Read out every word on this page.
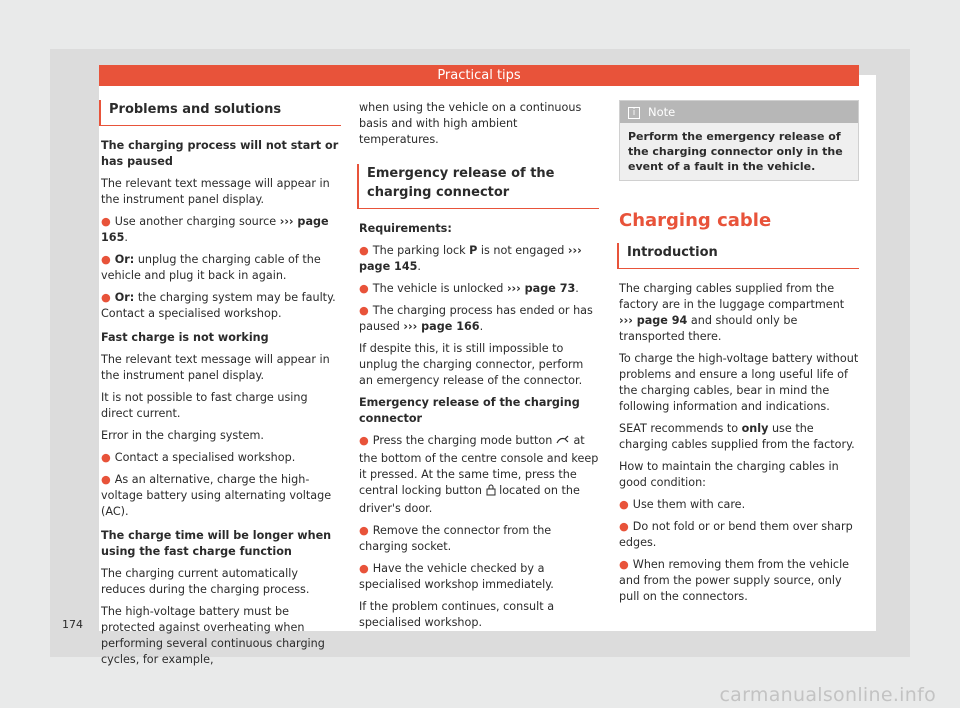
Practical tips
Problems and solutions

The charging process will not start or has paused

The relevant text message will appear in the instrument panel display.

● Use another charging source ››› page 165.
● Or: unplug the charging cable of the vehicle and plug it back in again.
● Or: the charging system may be faulty. Contact a specialised workshop.

Fast charge is not working

The relevant text message will appear in the instrument panel display.

It is not possible to fast charge using direct current.

Error in the charging system.

● Contact a specialised workshop.
● As an alternative, charge the high-voltage battery using alternating voltage (AC).

The charge time will be longer when using the fast charge function

The charging current automatically reduces during the charging process.

The high-voltage battery must be protected against overheating when performing several continuous charging cycles, for example,

when using the vehicle on a continuous basis and with high ambient temperatures.

Emergency release of the charging connector

Requirements:

● The parking lock P is not engaged ››› page 145.
● The vehicle is unlocked ››› page 73.
● The charging process has ended or has paused ››› page 166.

If despite this, it is still impossible to unplug the charging connector, perform an emergency release of the connector.

Emergency release of the charging connector

● Press the charging mode button  at the bottom of the centre console and keep it pressed. At the same time, press the central locking button  located on the driver's door.
● Remove the connector from the charging socket.
● Have the vehicle checked by a specialised workshop immediately.

If the problem continues, consult a specialised workshop.

i Note
Perform the emergency release of the charging connector only in the event of a fault in the vehicle.
Charging cable
Introduction

The charging cables supplied from the factory are in the luggage compartment ››› page 94 and should only be transported there.

To charge the high-voltage battery without problems and ensure a long useful life of the charging cables, bear in mind the following information and indications.

SEAT recommends to only use the charging cables supplied from the factory.

How to maintain the charging cables in good condition:

● Use them with care.
● Do not fold or or bend them over sharp edges.
● When removing them from the vehicle and from the power supply source, only pull on the connectors.
174
carmanualsonline.info
